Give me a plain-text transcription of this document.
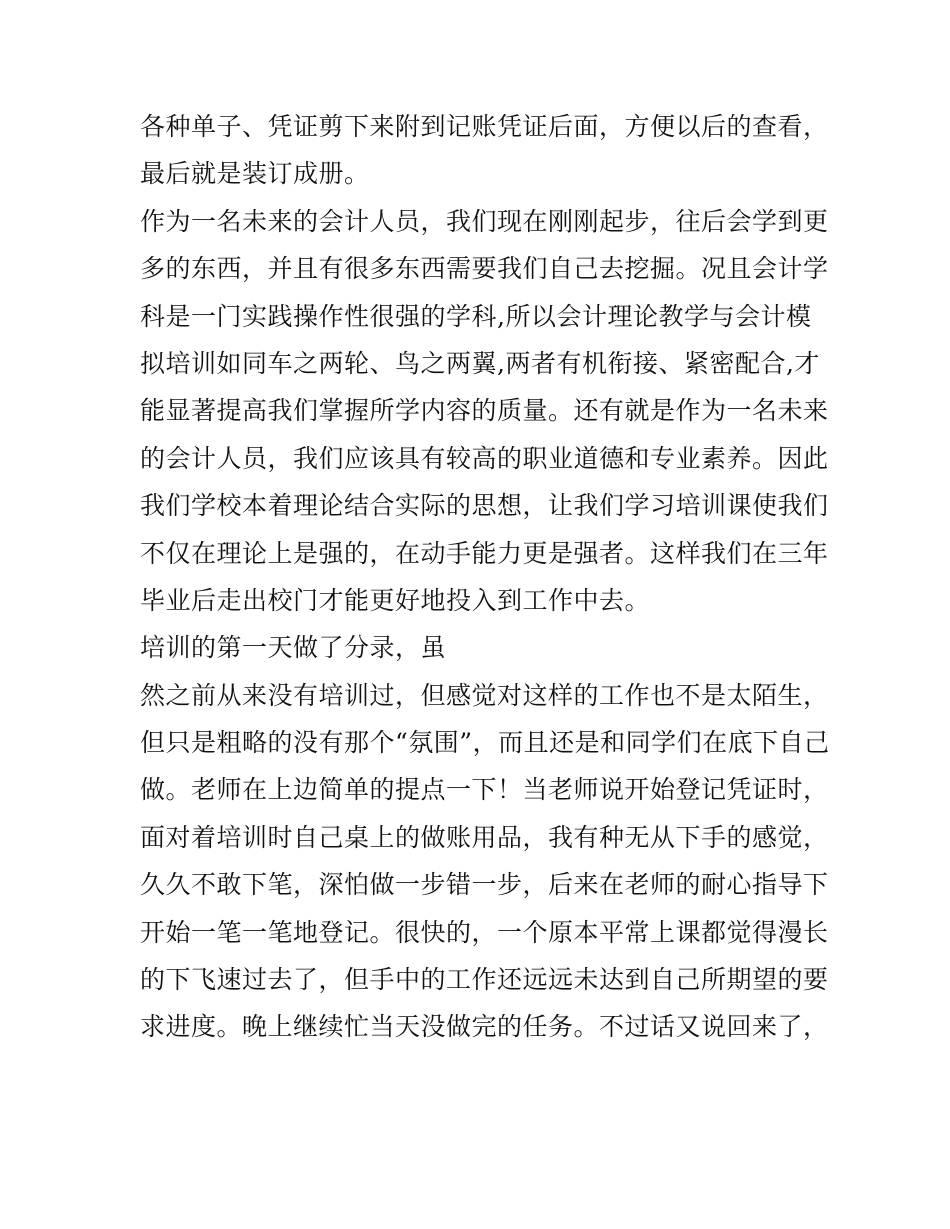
各种单子、凭证剪下来附到记账凭证后面，方便以后的查看，
最后就是装订成册。
作为一名未来的会计人员，我们现在刚刚起步，往后会学到更
多的东西，并且有很多东西需要我们自己去挖掘。况且会计学
科是一门实践操作性很强的学科,所以会计理论教学与会计模
拟培训如同车之两轮、鸟之两翼,两者有机衔接、紧密配合,才
能显著提高我们掌握所学内容的质量。还有就是作为一名未来
的会计人员，我们应该具有较高的职业道德和专业素养。因此
我们学校本着理论结合实际的思想，让我们学习培训课使我们
不仅在理论上是强的，在动手能力更是强者。这样我们在三年
毕业后走出校门才能更好地投入到工作中去。
培训的第一天做了分录，虽
然之前从来没有培训过，但感觉对这样的工作也不是太陌生，
但只是粗略的没有那个“氛围”，而且还是和同学们在底下自己
做。老师在上边简单的提点一下！当老师说开始登记凭证时，
面对着培训时自己桌上的做账用品，我有种无从下手的感觉，
久久不敢下笔，深怕做一步错一步，后来在老师的耐心指导下
开始一笔一笔地登记。很快的，一个原本平常上课都觉得漫长
的下飞速过去了，但手中的工作还远远未达到自己所期望的要
求进度。晚上继续忙当天没做完的任务。不过话又说回来了，
